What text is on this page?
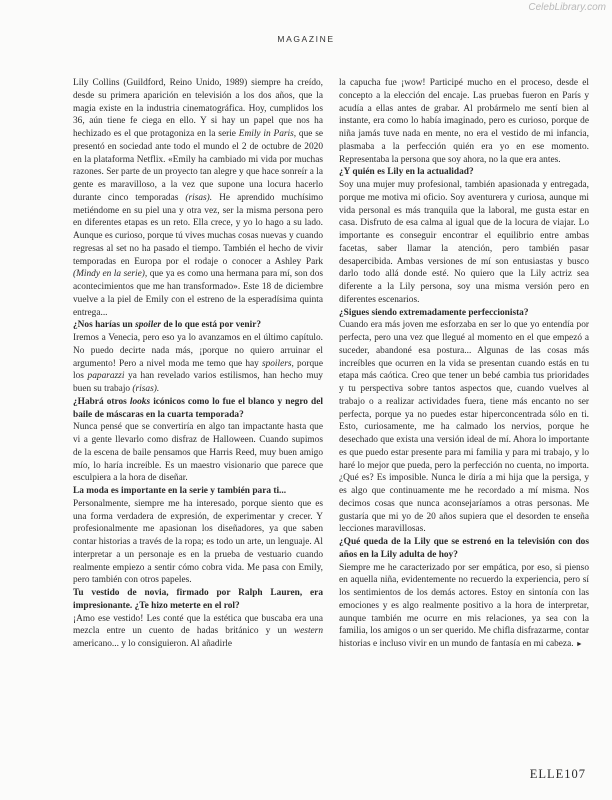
CelebLibrary.com
MAGAZINE

Lily Collins (Guildford, Reino Unido, 1989) siempre ha creído, desde su primera aparición en televisión a los dos años, que la magia existe en la industria cinematográfica. Hoy, cumplidos los 36, aún tiene fe ciega en ello. Y si hay un papel que nos ha hechizado es el que protagoniza en la serie Emily in Paris, que se presentó en sociedad ante todo el mundo el 2 de octubre de 2020 en la plataforma Netflix. «Emily ha cambiado mi vida por muchas razones. Ser parte de un proyecto tan alegre y que hace sonreír a la gente es maravilloso, a la vez que supone una locura hacerlo durante cinco temporadas (risas). He aprendido muchísimo metiéndome en su piel una y otra vez, ser la misma persona pero en diferentes etapas es un reto. Ella crece, y yo lo hago a su lado. Aunque es curioso, porque tú vives muchas cosas nuevas y cuando regresas al set no ha pasado el tiempo. También el hecho de vivir temporadas en Europa por el rodaje o conocer a Ashley Park (Mindy en la serie), que ya es como una hermana para mí, son dos acontecimientos que me han transformado». Este 18 de diciembre vuelve a la piel de Emily con el estreno de la esperadísima quinta entrega...

¿Nos harías un spoiler de lo que está por venir?

Iremos a Venecia, pero eso ya lo avanzamos en el último capítulo. No puedo decirte nada más, ¡porque no quiero arruinar el argumento! Pero a nivel moda me temo que hay spoilers, porque los paparazzi ya han revelado varios estilismos, han hecho muy buen su trabajo (risas).

¿Habrá otros looks icónicos como lo fue el blanco y negro del baile de máscaras en la cuarta temporada?

Nunca pensé que se convertiría en algo tan impactante hasta que vi a gente llevarlo como disfraz de Halloween. Cuando supimos de la escena de baile pensamos que Harris Reed, muy buen amigo mío, lo haría increíble. Es un maestro visionario que parece que esculpiera a la hora de diseñar.

La moda es importante en la serie y también para ti...

Personalmente, siempre me ha interesado, porque siento que es una forma verdadera de expresión, de experimentar y crecer. Y profesionalmente me apasionan los diseñadores, ya que saben contar historias a través de la ropa; es todo un arte, un lenguaje. Al interpretar a un personaje es en la prueba de vestuario cuando realmente empiezo a sentir cómo cobra vida. Me pasa con Emily, pero también con otros papeles.

Tu vestido de novia, firmado por Ralph Lauren, era impresionante. ¿Te hizo meterte en el rol?

¡Amo ese vestido! Les conté que la estética que buscaba era una mezcla entre un cuento de hadas británico y un western americano... y lo consiguieron. Al añadirle

la capucha fue ¡wow! Participé mucho en el proceso, desde el concepto a la elección del encaje. Las pruebas fueron en París y acudía a ellas antes de grabar. Al probármelo me sentí bien al instante, era como lo había imaginado, pero es curioso, porque de niña jamás tuve nada en mente, no era el vestido de mi infancia, plasmaba a la perfección quién era yo en ese momento. Representaba la persona que soy ahora, no la que era antes.

¿Y quién es Lily en la actualidad?

Soy una mujer muy profesional, también apasionada y entregada, porque me motiva mi oficio. Soy aventurera y curiosa, aunque mi vida personal es más tranquila que la laboral, me gusta estar en casa. Disfruto de esa calma al igual que de la locura de viajar. Lo importante es conseguir encontrar el equilibrio entre ambas facetas, saber llamar la atención, pero también pasar desapercibida. Ambas versiones de mí son entusiastas y busco darlo todo allá donde esté. No quiero que la Lily actriz sea diferente a la Lily persona, soy una misma versión pero en diferentes escenarios.

¿Sigues siendo extremadamente perfeccionista?

Cuando era más joven me esforzaba en ser lo que yo entendía por perfecta, pero una vez que llegué al momento en el que empezó a suceder, abandoné esa postura... Algunas de las cosas más increíbles que ocurren en la vida se presentan cuando estás en tu etapa más caótica. Creo que tener un bebé cambia tus prioridades y tu perspectiva sobre tantos aspectos que, cuando vuelves al trabajo o a realizar actividades fuera, tiene más encanto no ser perfecta, porque ya no puedes estar hiperconcentrada sólo en ti. Esto, curiosamente, me ha calmado los nervios, porque he desechado que exista una versión ideal de mí. Ahora lo importante es que puedo estar presente para mi familia y para mi trabajo, y lo haré lo mejor que pueda, pero la perfección no cuenta, no importa. ¿Qué es? Es imposible. Nunca le diría a mi hija que la persiga, y es algo que continuamente me he recordado a mí misma. Nos decimos cosas que nunca aconsejaríamos a otras personas. Me gustaría que mi yo de 20 años supiera que el desorden te enseña lecciones maravillosas.

¿Qué queda de la Lily que se estrenó en la televisión con dos años en la Lily adulta de hoy?

Siempre me he caracterizado por ser empática, por eso, si pienso en aquella niña, evidentemente no recuerdo la experiencia, pero sí los sentimientos de los demás actores. Estoy en sintonía con las emociones y es algo realmente positivo a la hora de interpretar, aunque también me ocurre en mis relaciones, ya sea con la familia, los amigos o un ser querido. Me chifla disfrazarme, contar historias e incluso vivir en un mundo de fantasía en mi cabeza. ►

ELLE107
